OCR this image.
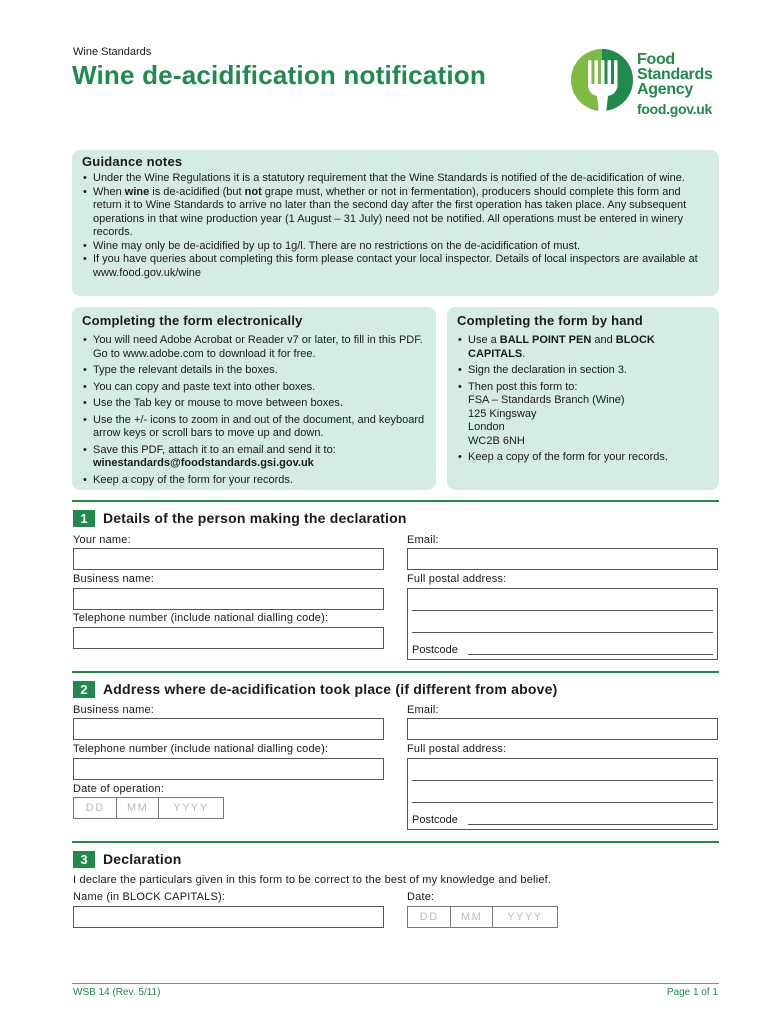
Wine Standards
Wine de-acidification notification
Food
Standards
Agency
food.gov.uk
Guidance notes
• Under the Wine Regulations it is a statutory requirement that the Wine Standards is notified of the de-acidification of wine.
• When wine is de-acidified (but not grape must, whether or not in fermentation), producers should complete this form and return it to Wine Standards to arrive no later than the second day after the first operation has taken place. Any subsequent operations in that wine production year (1 August – 31 July) need not be notified. All operations must be entered in winery records.
• Wine may only be de-acidified by up to 1g/l. There are no restrictions on the de-acidification of must.
• If you have queries about completing this form please contact your local inspector. Details of local inspectors are available at www.food.gov.uk/wine
Completing the form electronically
• You will need Adobe Acrobat or Reader v7 or later, to fill in this PDF. Go to www.adobe.com to download it for free.
• Type the relevant details in the boxes.
• You can copy and paste text into other boxes.
• Use the Tab key or mouse to move between boxes.
• Use the +/- icons to zoom in and out of the document, and keyboard arrow keys or scroll bars to move up and down.
• Save this PDF, attach it to an email and send it to:
winestandards@foodstandards.gsi.gov.uk
• Keep a copy of the form for your records.
Completing the form by hand
• Use a BALL POINT PEN and BLOCK CAPITALS.
• Sign the declaration in section 3.
• Then post this form to:
FSA – Standards Branch (Wine)
125 Kingsway
London
WC2B 6NH
• Keep a copy of the form for your records.
1	Details of the person making the declaration
Your name:	Email:
Business name:	Full postal address:
Postcode
Telephone number (include national dialling code):
2	Address where de-acidification took place (if different from above)
Business name:	Email:
Telephone number (include national dialling code):	Full postal address:
Postcode
Date of operation:
DD	MM	YYYY
3	Declaration
I declare the particulars given in this form to be correct to the best of my knowledge and belief.
Name (in BLOCK CAPITALS):	Date:
DD	MM	YYYY
WSB 14 (Rev. 5/11)	Page 1 of 1
